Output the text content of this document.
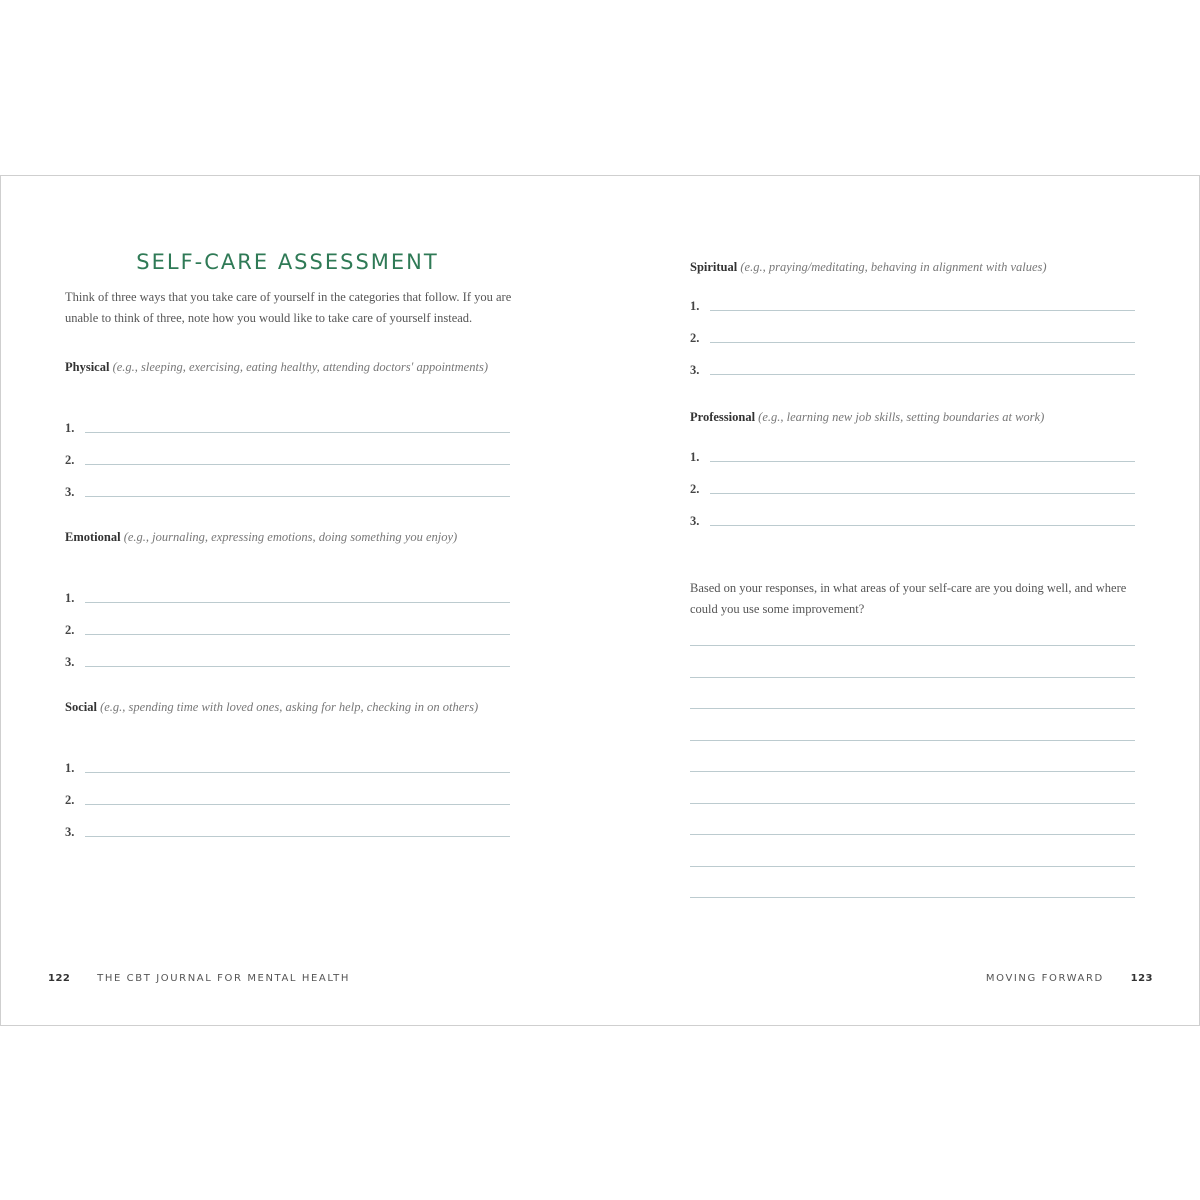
SELF-CARE ASSESSMENT
Think of three ways that you take care of yourself in the categories that follow. If you are unable to think of three, note how you would like to take care of yourself instead.
Physical (e.g., sleeping, exercising, eating healthy, attending doctors' appointments)
1.
2.
3.
Emotional (e.g., journaling, expressing emotions, doing something you enjoy)
1.
2.
3.
Social (e.g., spending time with loved ones, asking for help, checking in on others)
1.
2.
3.
122	THE CBT JOURNAL FOR MENTAL HEALTH
Spiritual (e.g., praying/meditating, behaving in alignment with values)
1.
2.
3.
Professional (e.g., learning new job skills, setting boundaries at work)
1.
2.
3.
Based on your responses, in what areas of your self-care are you doing well, and where could you use some improvement?
MOVING FORWARD	123
